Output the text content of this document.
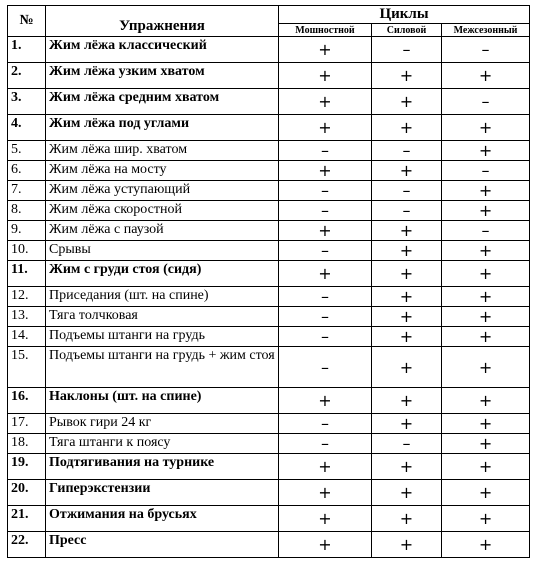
№	Упражнения	Циклы		
		Мошностной	Силовой	Межсезонный
1.	Жим лёжа классический	+	–	–
2.	Жим лёжа узким хватом	+	+	+
3.	Жим лёжа средним хватом	+	+	–
4.	Жим лёжа под углами	+	+	+
5.	Жим лёжа шир. хватом	–	–	+
6.	Жим лёжа на мосту	+	+	–
7.	Жим лёжа уступающий	–	–	+
8.	Жим лёжа скоростной	–	–	+
9.	Жим лёжа с паузой	+	+	–
10.	Срывы	–	+	+
11.	Жим с груди стоя (сидя)	+	+	+
12.	Приседания (шт. на спине)	–	+	+
13.	Тяга толчковая	–	+	+
14.	Подъемы штанги на грудь	–	+	+
15.	Подъемы штанги на грудь + жим стоя	–	+	+
16.	Наклоны (шт. на спине)	+	+	+
17.	Рывок гири 24 кг	–	+	+
18.	Тяга штанги к поясу	–	–	+
19.	Подтягивания на турнике	+	+	+
20.	Гиперэкстензии	+	+	+
21.	Отжимания на брусьях	+	+	+
22.	Пресс	+	+	+
